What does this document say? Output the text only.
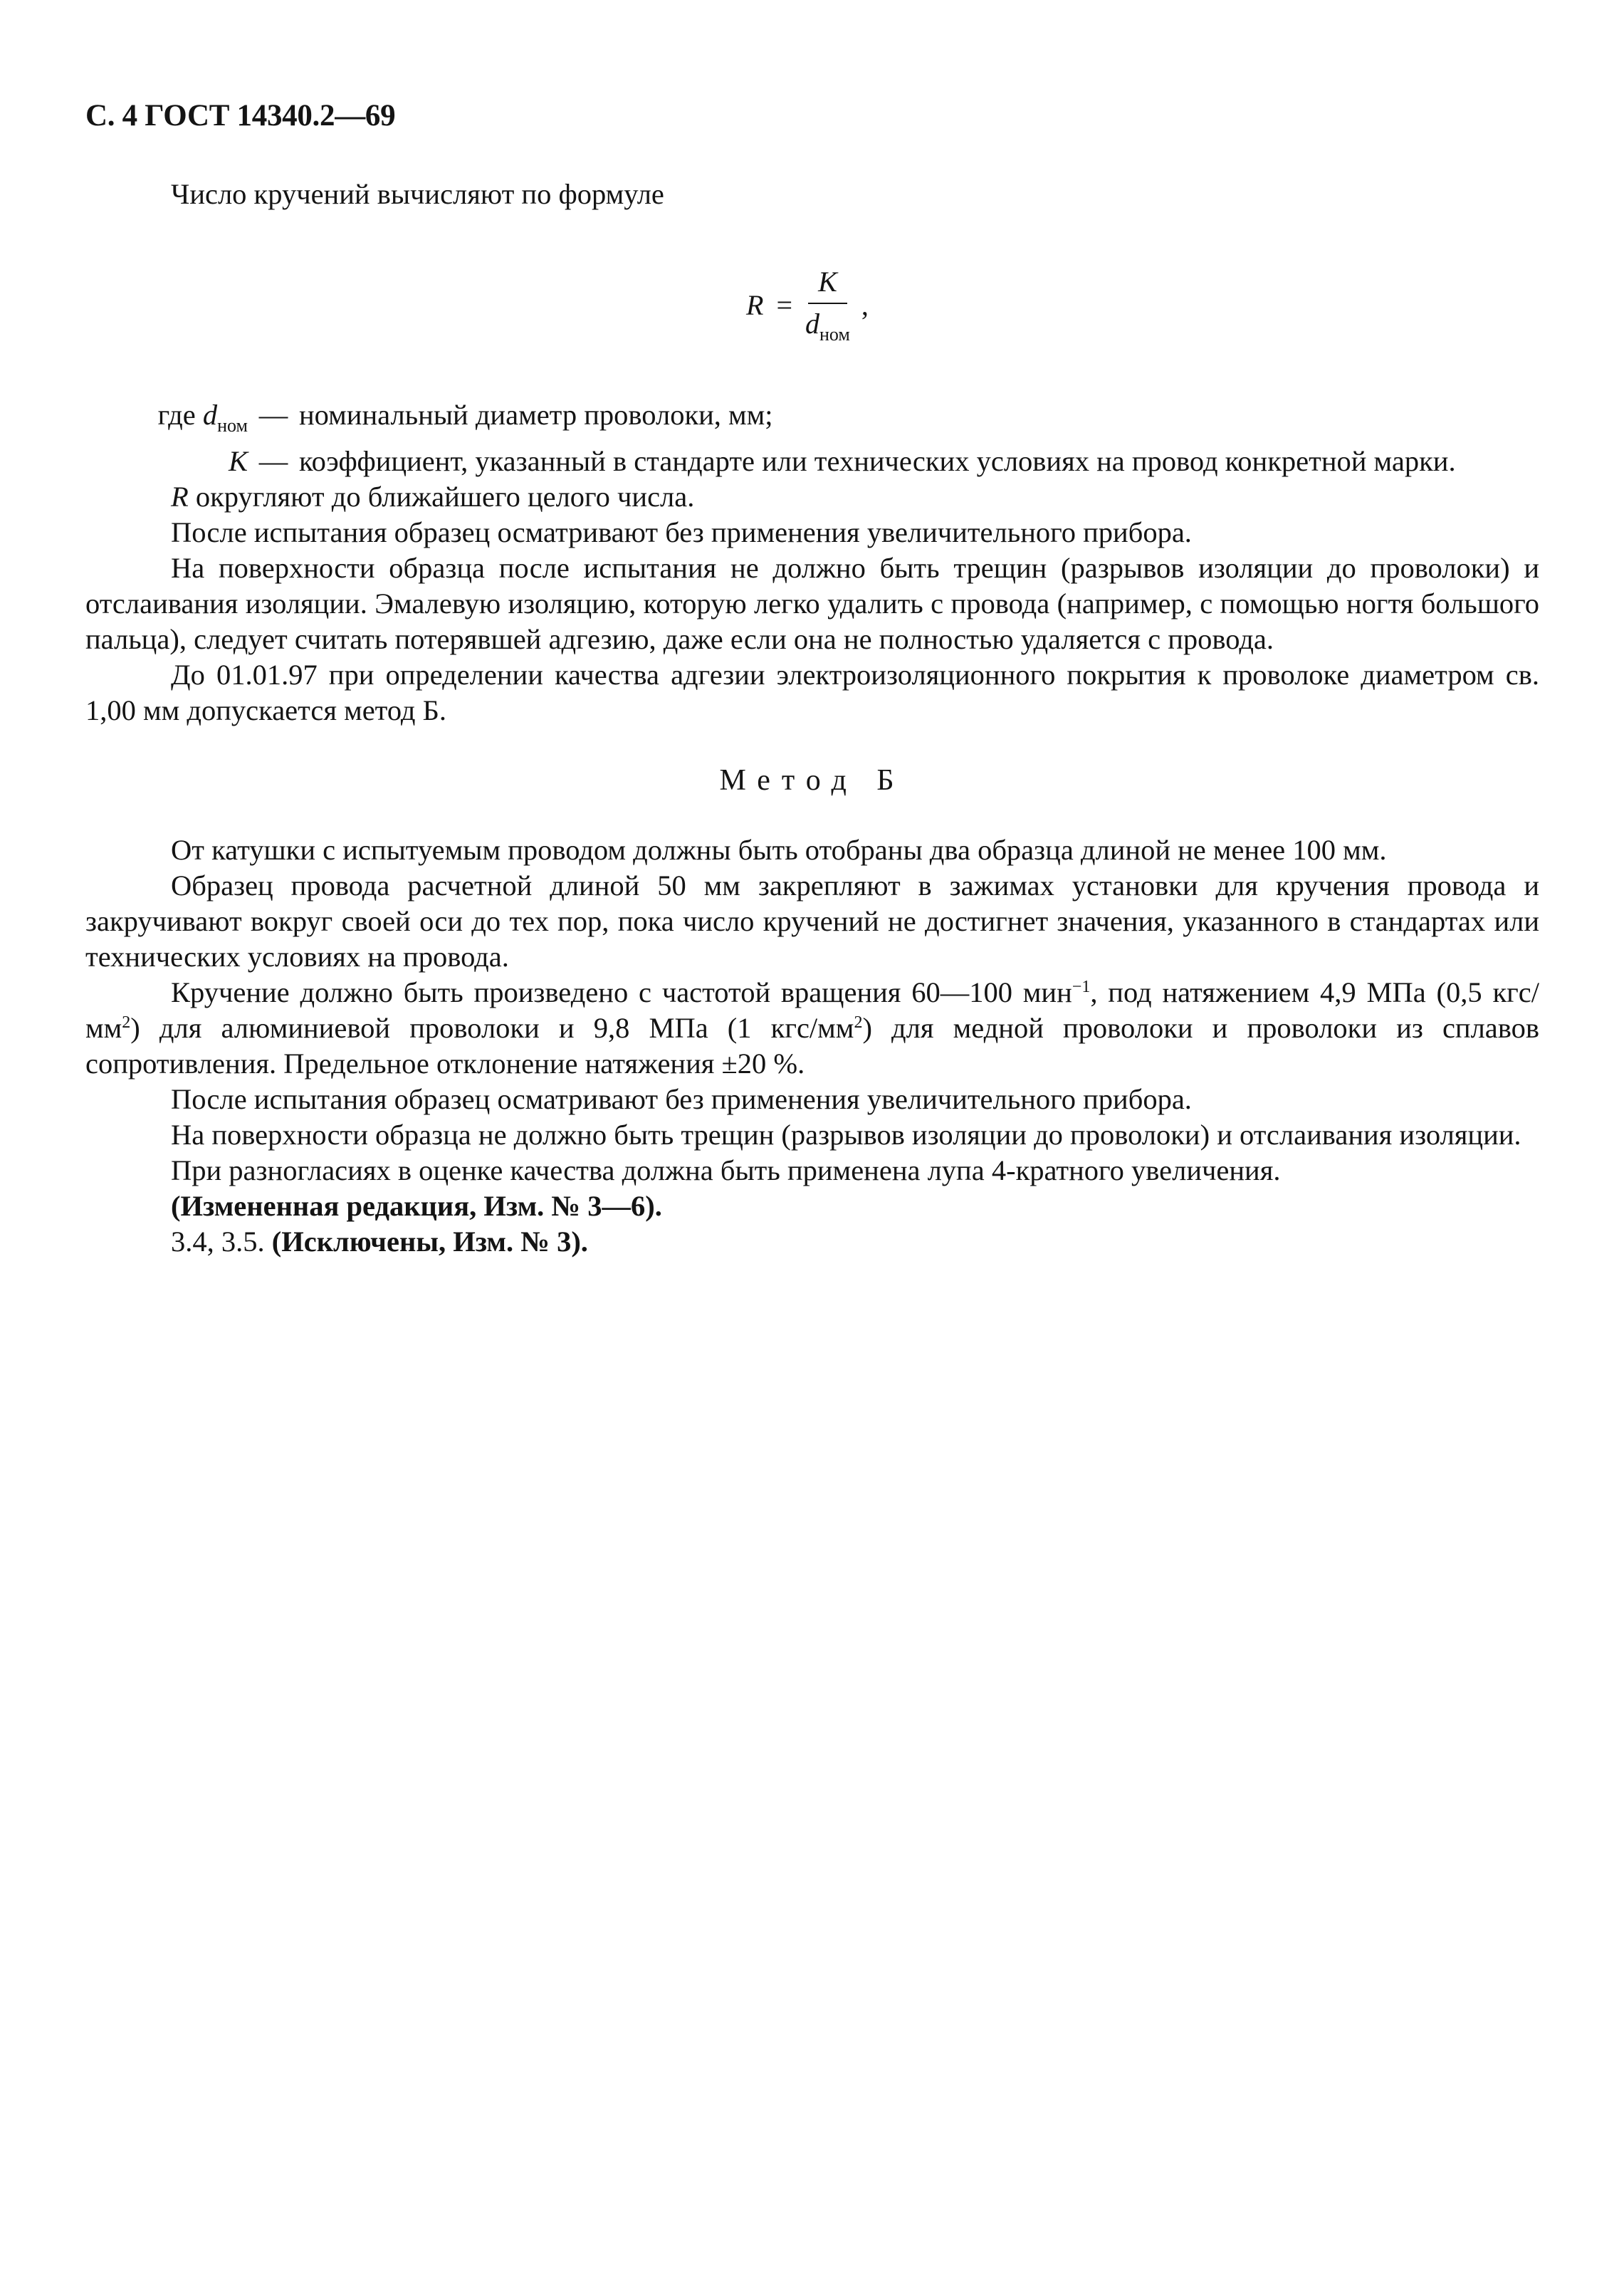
С. 4 ГОСТ 14340.2—69

Число кручений вычисляют по формуле

$R = \frac{K}{d_{ном}}$ ,
где $d_{ном}$ — номинальный диаметр проволоки, мм;
K — коэффициент, указанный в стандарте или технических условиях на провод конкретной марки.

R округляют до ближайшего целого числа.

После испытания образец осматривают без применения увеличительного прибора.

На поверхности образца после испытания не должно быть трещин (разрывов изоляции до проволоки) и отслаивания изоляции. Эмалевую изоляцию, которую легко удалить с провода (например, с помощью ногтя большого пальца), следует считать потерявшей адгезию, даже если она не полностью удаляется с провода.

До 01.01.97 при определении качества адгезии электроизоляционного покрытия к проволоке диаметром св. 1,00 мм допускается метод Б.

Метод Б

От катушки с испытуемым проводом должны быть отобраны два образца длиной не менее 100 мм.

Образец провода расчетной длиной 50 мм закрепляют в зажимах установки для кручения провода и закручивают вокруг своей оси до тех пор, пока число кручений не достигнет значения, указанного в стандартах или технических условиях на провода.

Кручение должно быть произведено с частотой вращения 60—100 мин$^{-1}$, под натяжением 4,9 МПа (0,5 кгс/$мм^2$) для алюминиевой проволоки и 9,8 МПа (1 кгс/$мм^2$) для медной проволоки и проволоки из сплавов сопротивления. Предельное отклонение натяжения ±20 %.

После испытания образец осматривают без применения увеличительного прибора.

На поверхности образца не должно быть трещин (разрывов изоляции до проволоки) и отслаивания изоляции.

При разногласиях в оценке качества должна быть применена лупа 4-кратного увеличения.

(Измененная редакция, Изм. № 3—6).

3.4, 3.5. (Исключены, Изм. № 3).
